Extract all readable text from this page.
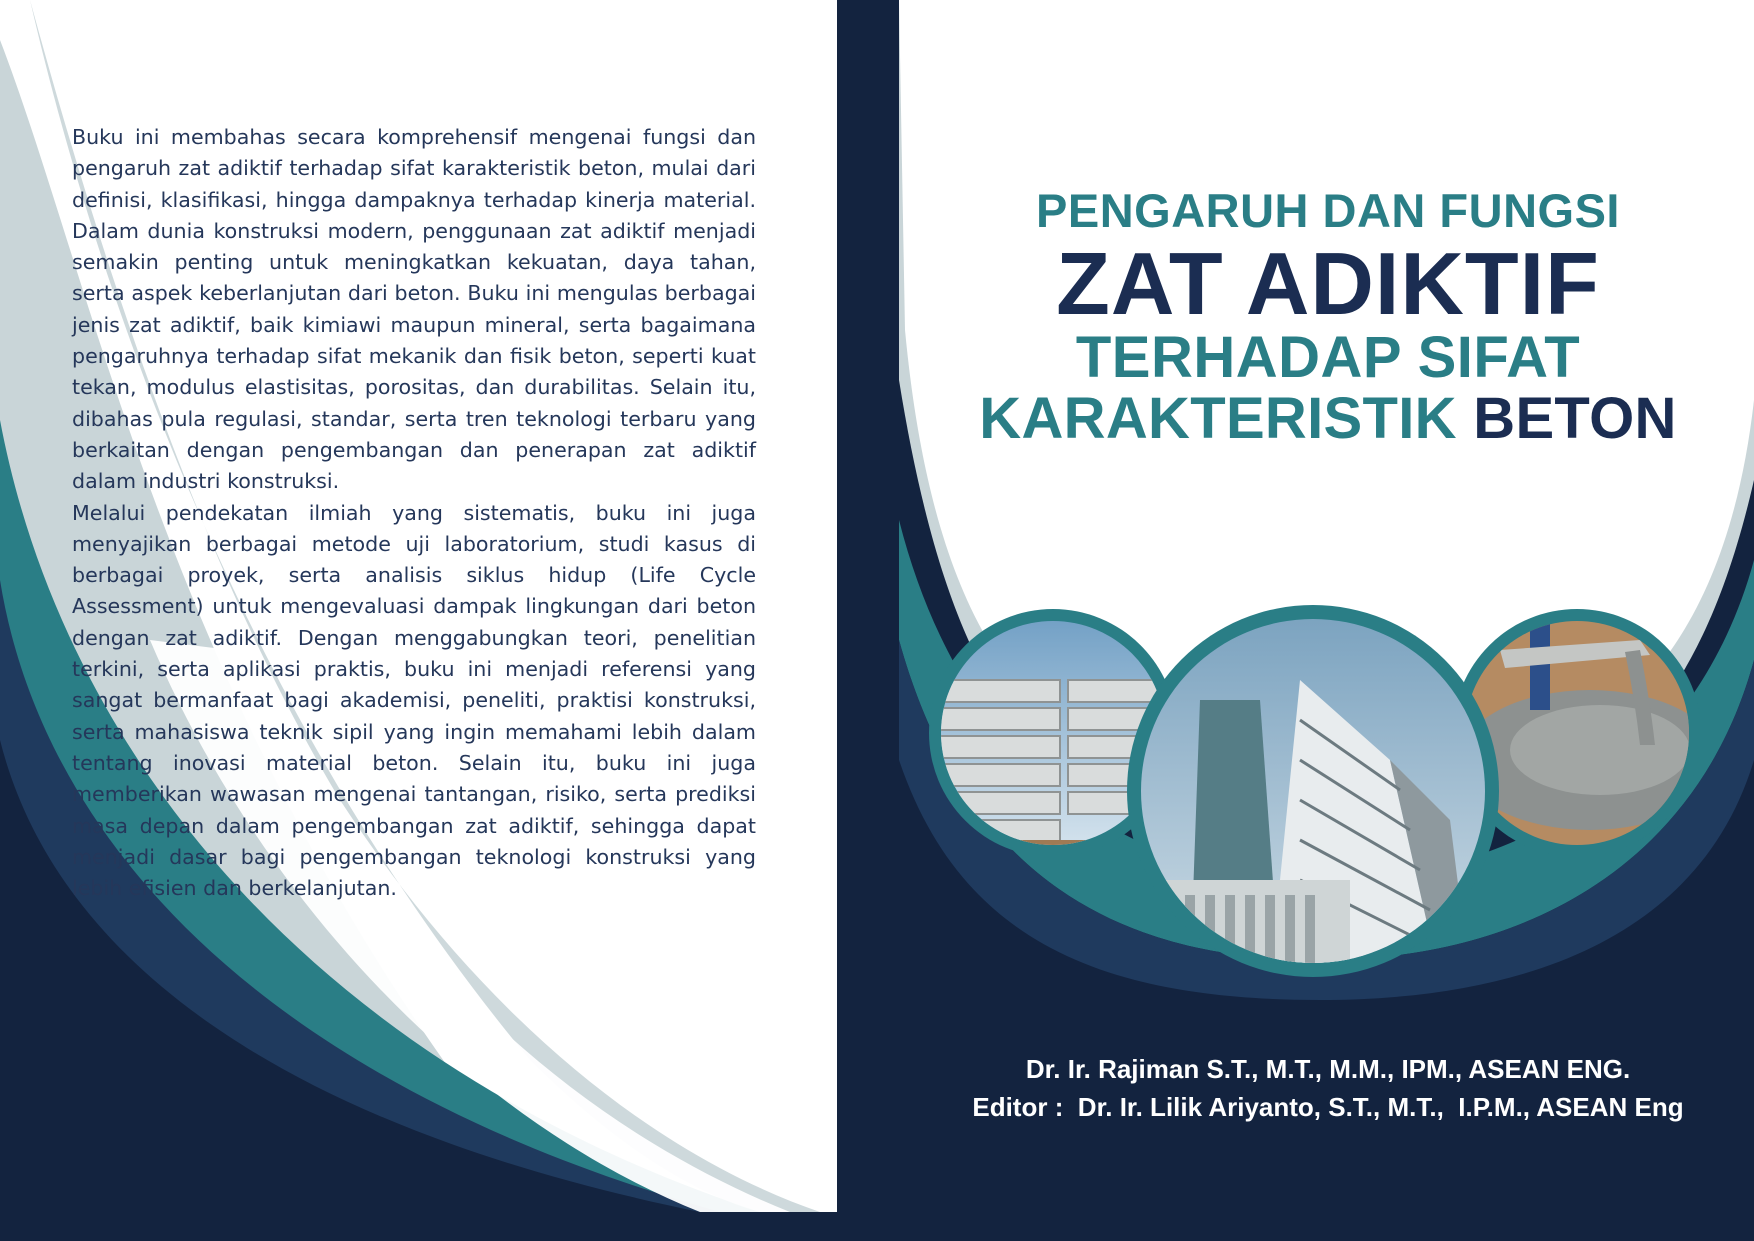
Buku ini membahas secara komprehensif mengenai fungsi dan pengaruh zat adiktif terhadap sifat karakteristik beton, mulai dari definisi, klasifikasi, hingga dampaknya terhadap kinerja material. Dalam dunia konstruksi modern, penggunaan zat adiktif menjadi semakin penting untuk meningkatkan kekuatan, daya tahan, serta aspek keberlanjutan dari beton. Buku ini mengulas berbagai jenis zat adiktif, baik kimiawi maupun mineral, serta bagaimana pengaruhnya terhadap sifat mekanik dan fisik beton, seperti kuat tekan, modulus elastisitas, porositas, dan durabilitas. Selain itu, dibahas pula regulasi, standar, serta tren teknologi terbaru yang berkaitan dengan pengembangan dan penerapan zat adiktif dalam industri konstruksi.

Melalui pendekatan ilmiah yang sistematis, buku ini juga menyajikan berbagai metode uji laboratorium, studi kasus di berbagai proyek, serta analisis siklus hidup (Life Cycle Assessment) untuk mengevaluasi dampak lingkungan dari beton dengan zat adiktif. Dengan menggabungkan teori, penelitian terkini, serta aplikasi praktis, buku ini menjadi referensi yang sangat bermanfaat bagi akademisi, peneliti, praktisi konstruksi, serta mahasiswa teknik sipil yang ingin memahami lebih dalam tentang inovasi material beton. Selain itu, buku ini juga memberikan wawasan mengenai tantangan, risiko, serta prediksi masa depan dalam pengembangan zat adiktif, sehingga dapat menjadi dasar bagi pengembangan teknologi konstruksi yang lebih efisien dan berkelanjutan.

PENGARUH DAN FUNGSI
ZAT ADIKTIF
TERHADAP SIFAT
KARAKTERISTIK BETON
Dr. Ir. Rajiman S.T., M.T., M.M., IPM., ASEAN ENG.
Editor :  Dr. Ir. Lilik Ariyanto, S.T., M.T.,  I.P.M., ASEAN Eng
